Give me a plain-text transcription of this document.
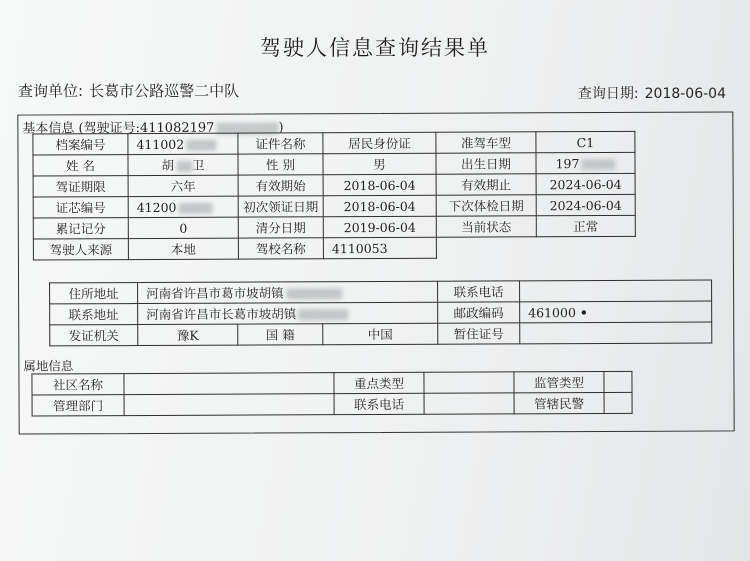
驾驶人信息查询结果单
查询单位: 长葛市公路巡警二中队	查询日期: 2018-06-04
基本信息 (驾驶证号:411082197	)
档案编号	411002	证件名称	居民身份证	准驾车型	C1
姓 名	胡 卫	性 别	男	出生日期	197
驾证期限	六年	有效期始	2018-06-04	有效期止	2024-06-04
证芯编号	41200	初次领证日期	2018-06-04	下次体检日期	2024-06-04
累记记分	0	清分日期	2019-06-04	当前状态	正常
驾驶人来源	本地	驾校名称	4110053		
住所地址	河南省许昌市葛市坡胡镇			联系电话	
联系地址	河南省许昌市长葛市坡胡镇			邮政编码	461000 •
发证机关	豫K	国 籍	中国	暂住证号	
属地信息
社区名称		重点类型		监管类型	
管理部门		联系电话		管辖民警	
